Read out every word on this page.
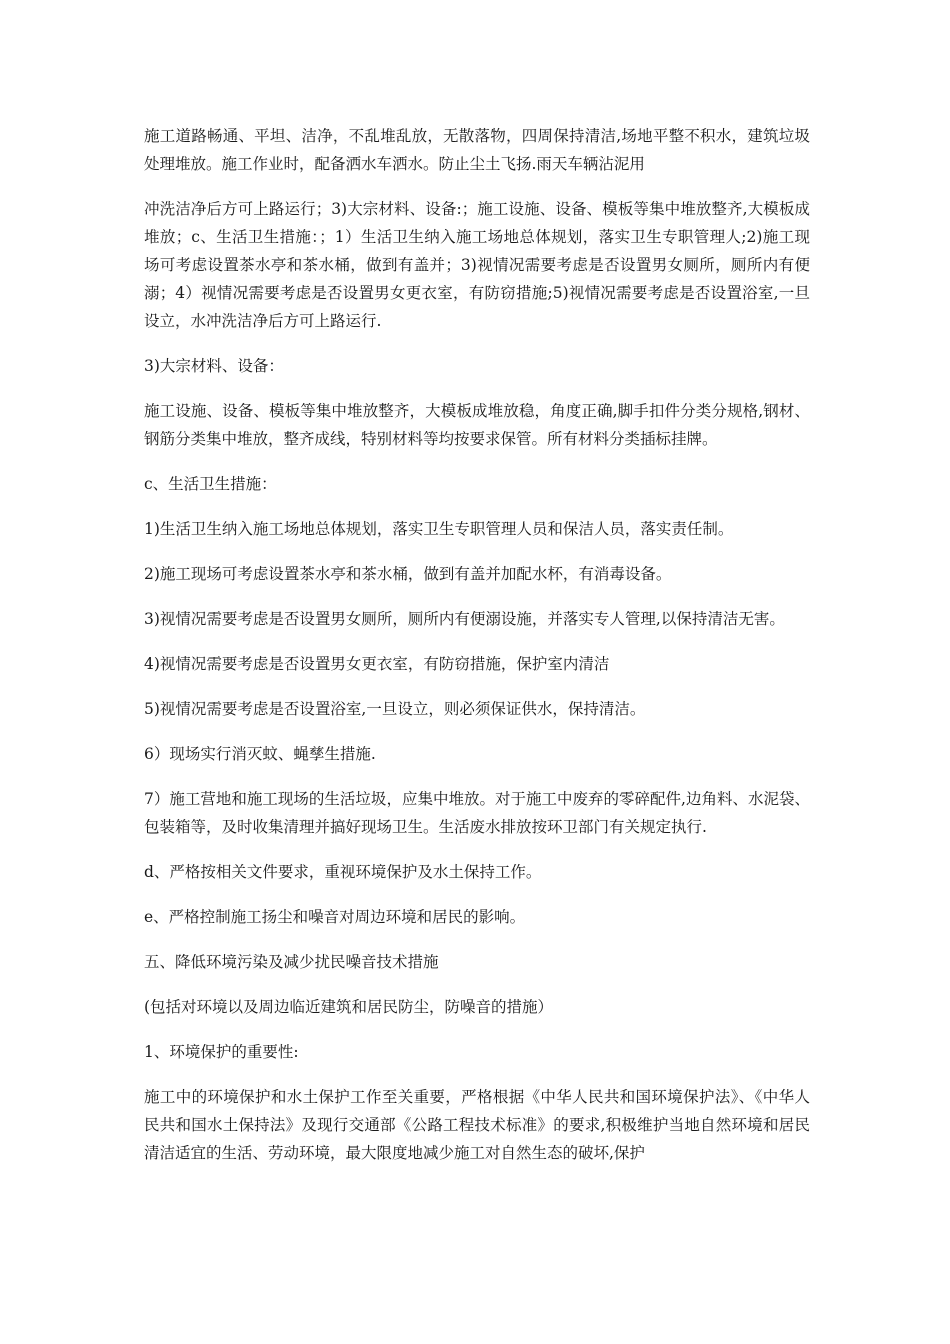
施工道路畅通、平坦、洁净，不乱堆乱放，无散落物，四周保持清洁,场地平整不积水，建筑垃圾处理堆放。施工作业时，配备洒水车洒水。防止尘土飞扬.雨天车辆沾泥用

冲洗洁净后方可上路运行；3)大宗材料、设备:；施工设施、设备、模板等集中堆放整齐,大模板成堆放；c、生活卫生措施：；1）生活卫生纳入施工场地总体规划，落实卫生专职管理人;2)施工现场可考虑设置茶水亭和茶水桶，做到有盖并；3)视情况需要考虑是否设置男女厕所，厕所内有便溺；4）视情况需要考虑是否设置男女更衣室，有防窃措施;5)视情况需要考虑是否设置浴室,一旦设立，水冲洗洁净后方可上路运行.

3)大宗材料、设备：

施工设施、设备、模板等集中堆放整齐，大模板成堆放稳，角度正确,脚手扣件分类分规格,钢材、钢筋分类集中堆放，整齐成线，特别材料等均按要求保管。所有材料分类插标挂牌。

c、生活卫生措施：

1)生活卫生纳入施工场地总体规划，落实卫生专职管理人员和保洁人员，落实责任制。

2)施工现场可考虑设置茶水亭和茶水桶，做到有盖并加配水杯，有消毒设备。

3)视情况需要考虑是否设置男女厕所，厕所内有便溺设施，并落实专人管理,以保持清洁无害。

4)视情况需要考虑是否设置男女更衣室，有防窃措施，保护室内清洁

5)视情况需要考虑是否设置浴室,一旦设立，则必须保证供水，保持清洁。

6）现场实行消灭蚊、蝇孳生措施.

7）施工营地和施工现场的生活垃圾，应集中堆放。对于施工中废弃的零碎配件,边角料、水泥袋、包装箱等，及时收集清理并搞好现场卫生。生活废水排放按环卫部门有关规定执行.

d、严格按相关文件要求，重视环境保护及水土保持工作。

e、严格控制施工扬尘和噪音对周边环境和居民的影响。

五、降低环境污染及减少扰民噪音技术措施

(包括对环境以及周边临近建筑和居民防尘，防噪音的措施）

1、环境保护的重要性:

施工中的环境保护和水土保护工作至关重要，严格根据《中华人民共和国环境保护法》、《中华人民共和国水土保持法》及现行交通部《公路工程技术标准》的要求,积极维护当地自然环境和居民清洁适宜的生活、劳动环境，最大限度地减少施工对自然生态的破坏,保护
